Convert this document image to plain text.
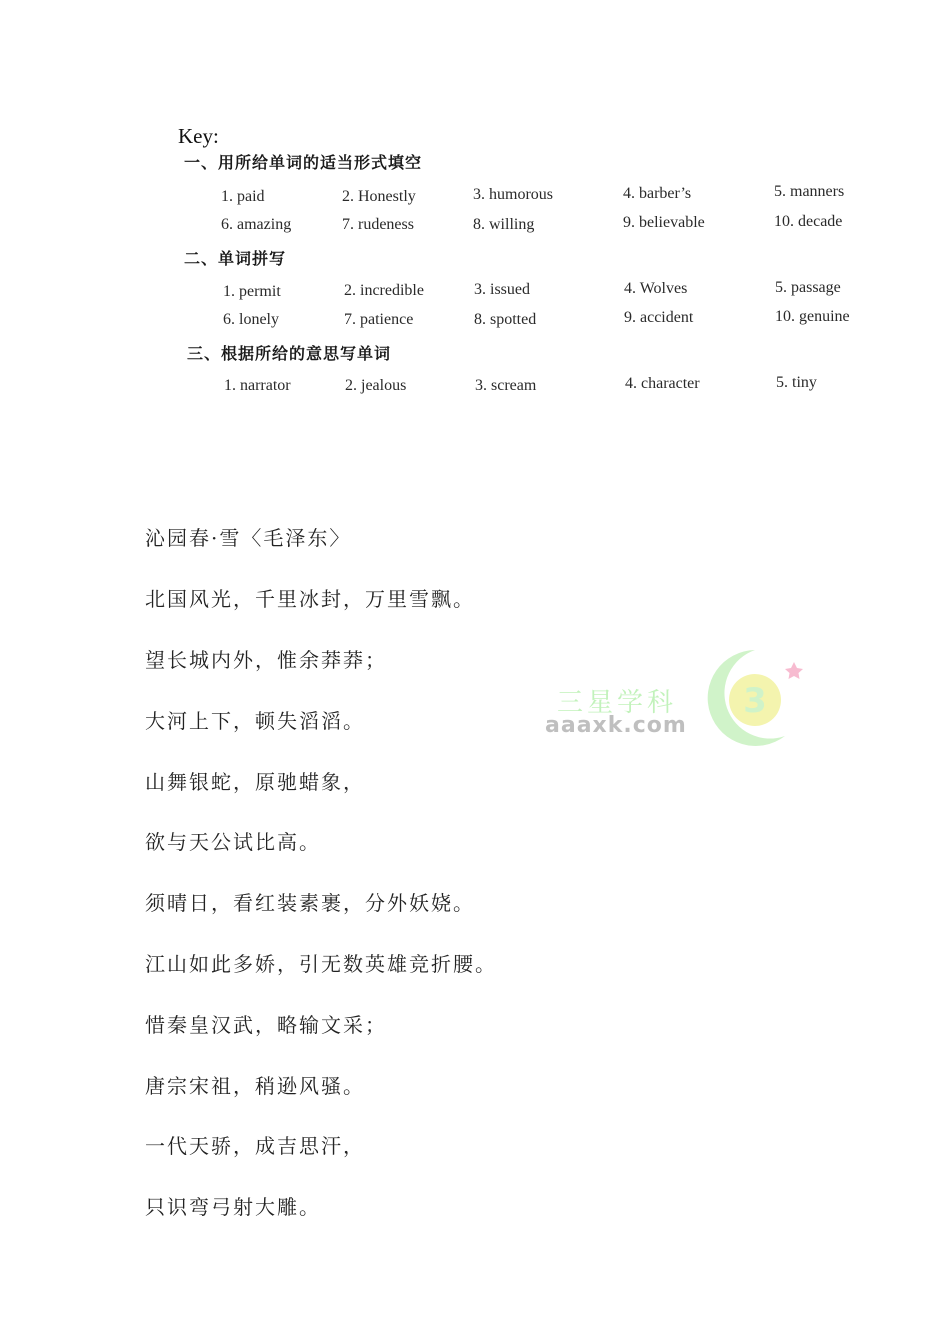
Key:
一、用所给单词的适当形式填空
1. paid	2. Honestly	3. humorous	4. barber’s	5. manners
6. amazing	7. rudeness	8. willing	9. believable	10. decade
二、单词拼写
1. permit	2. incredible	3. issued	4. Wolves	5. passage
6. lonely	7. patience	8. spotted	9. accident	10. genuine
三、根据所给的意思写单词
1. narrator	2. jealous	3. scream	4. character	5. tiny
沁园春·雪〈毛泽东〉
北国风光，千里冰封，万里雪飘。
望长城内外，惟余莽莽；
大河上下，顿失滔滔。
山舞银蛇，原驰蜡象，
欲与天公试比高。
须晴日，看红装素裹，分外妖娆。
江山如此多娇，引无数英雄竞折腰。
惜秦皇汉武，略输文采；
唐宗宋祖，稍逊风骚。
一代天骄，成吉思汗，
只识弯弓射大雕。
三星学科
aaaxk.com
3
